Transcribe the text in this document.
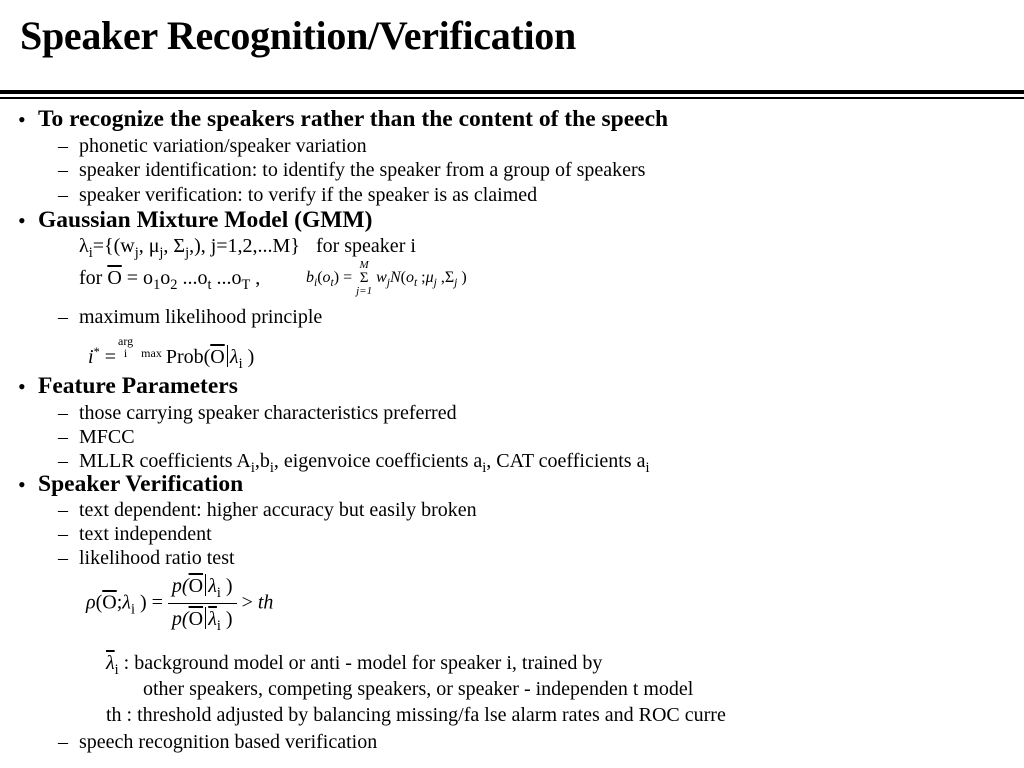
Speaker Recognition/Verification
• To recognize the speakers rather than the content of the speech
– phonetic variation/speaker variation
– speaker identification: to identify the speaker from a group of speakers
– speaker verification: to verify if the speaker is as claimed
• Gaussian Mixture Model (GMM)
$\lambda_i=\{(w_j$, $\mu_j$, $\Sigma_j$,), j=1,2,...M} for speaker i
for $\overline{O} = o_1o_2$ $...o_t$ $...o_T$ ,	$b_i(o_t)$ =
M
Σ
j=1
$w_jN(o_t$ $;\mu_j$ $,\Sigma_j$ )
– maximum likelihood principle
i* =
arg
i	$\max Prob(\overline{O}$ $\lambda_i$ )
• Feature Parameters
– those carrying speaker characteristics preferred
– MFCC
– MLLR coefficients $A_i,b_i$, eigenvoice coefficients $a_i$, CAT coefficients $a_i$
• Speaker Verification
– text dependent: higher accuracy but easily broken
– text independent
– likelihood ratio test
$\rho(\overline{O};\lambda_i$ ) = $\frac{p(\overline{O} \lambda_i )}{p(\overline{O} \overline{\lambda}_i )}$ > th
$\overline{\lambda}_i$ : background model or anti - model for speaker i, trained by
other speakers, competing speakers, or speaker - independen t model
th : threshold adjusted by balancing missing/fa lse alarm rates and ROC curre
– speech recognition based verification
